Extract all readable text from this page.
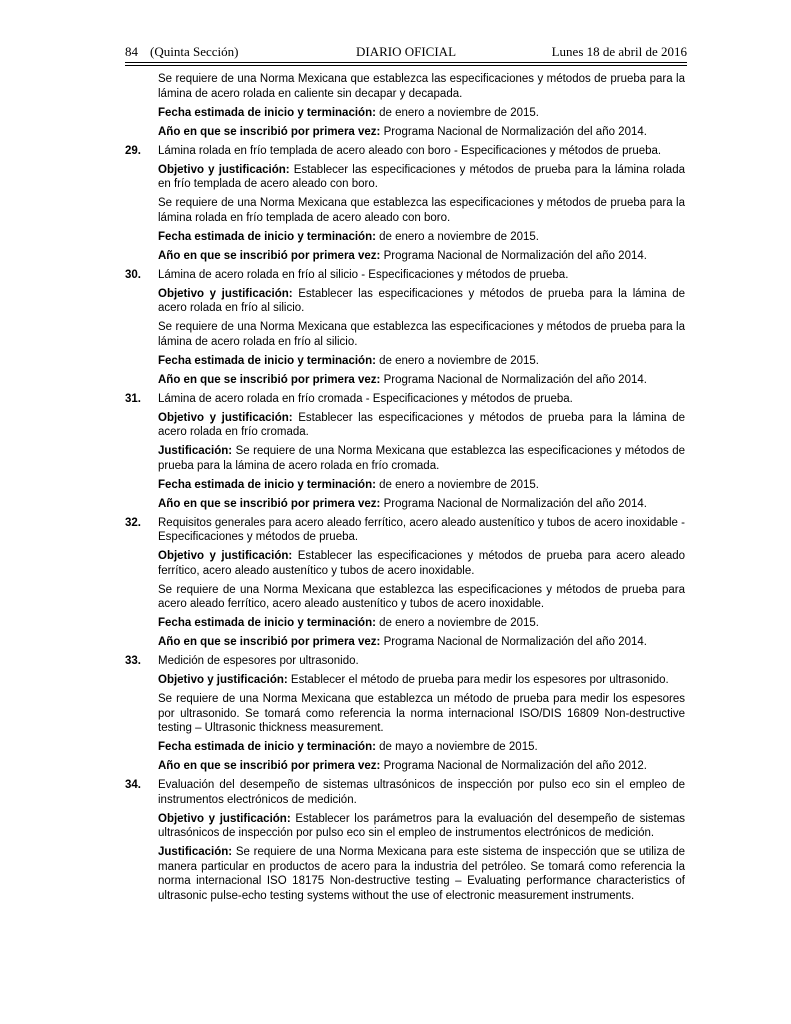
84 (Quinta Sección)	DIARIO OFICIAL	Lunes 18 de abril de 2016

Se requiere de una Norma Mexicana que establezca las especificaciones y métodos de prueba para la lámina de acero rolada en caliente sin decapar y decapada.

Fecha estimada de inicio y terminación: de enero a noviembre de 2015.

Año en que se inscribió por primera vez: Programa Nacional de Normalización del año 2014.

29.	Lámina rolada en frío templada de acero aleado con boro - Especificaciones y métodos de prueba.

Objetivo y justificación: Establecer las especificaciones y métodos de prueba para la lámina rolada en frío templada de acero aleado con boro.

Se requiere de una Norma Mexicana que establezca las especificaciones y métodos de prueba para la lámina rolada en frío templada de acero aleado con boro.

Fecha estimada de inicio y terminación: de enero a noviembre de 2015.

Año en que se inscribió por primera vez: Programa Nacional de Normalización del año 2014.

30.	Lámina de acero rolada en frío al silicio - Especificaciones y métodos de prueba.

Objetivo y justificación: Establecer las especificaciones y métodos de prueba para la lámina de acero rolada en frío al silicio.

Se requiere de una Norma Mexicana que establezca las especificaciones y métodos de prueba para la lámina de acero rolada en frío al silicio.

Fecha estimada de inicio y terminación: de enero a noviembre de 2015.

Año en que se inscribió por primera vez: Programa Nacional de Normalización del año 2014.

31.	Lámina de acero rolada en frío cromada - Especificaciones y métodos de prueba.

Objetivo y justificación: Establecer las especificaciones y métodos de prueba para la lámina de acero rolada en frío cromada.

Justificación: Se requiere de una Norma Mexicana que establezca las especificaciones y métodos de prueba para la lámina de acero rolada en frío cromada.

Fecha estimada de inicio y terminación: de enero a noviembre de 2015.

Año en que se inscribió por primera vez: Programa Nacional de Normalización del año 2014.

32.	Requisitos generales para acero aleado ferrítico, acero aleado austenítico y tubos de acero inoxidable - Especificaciones y métodos de prueba.

Objetivo y justificación: Establecer las especificaciones y métodos de prueba para acero aleado ferrítico, acero aleado austenítico y tubos de acero inoxidable.

Se requiere de una Norma Mexicana que establezca las especificaciones y métodos de prueba para acero aleado ferrítico, acero aleado austenítico y tubos de acero inoxidable.

Fecha estimada de inicio y terminación: de enero a noviembre de 2015.

Año en que se inscribió por primera vez: Programa Nacional de Normalización del año 2014.

33.	Medición de espesores por ultrasonido.

Objetivo y justificación: Establecer el método de prueba para medir los espesores por ultrasonido.

Se requiere de una Norma Mexicana que establezca un método de prueba para medir los espesores por ultrasonido. Se tomará como referencia la norma internacional ISO/DIS 16809 Non-destructive testing – Ultrasonic thickness measurement.

Fecha estimada de inicio y terminación: de mayo a noviembre de 2015.

Año en que se inscribió por primera vez: Programa Nacional de Normalización del año 2012.

34.	Evaluación del desempeño de sistemas ultrasónicos de inspección por pulso eco sin el empleo de instrumentos electrónicos de medición.

Objetivo y justificación: Establecer los parámetros para la evaluación del desempeño de sistemas ultrasónicos de inspección por pulso eco sin el empleo de instrumentos electrónicos de medición.

Justificación: Se requiere de una Norma Mexicana para este sistema de inspección que se utiliza de manera particular en productos de acero para la industria del petróleo. Se tomará como referencia la norma internacional ISO 18175 Non-destructive testing – Evaluating performance characteristics of ultrasonic pulse-echo testing systems without the use of electronic measurement instruments.
